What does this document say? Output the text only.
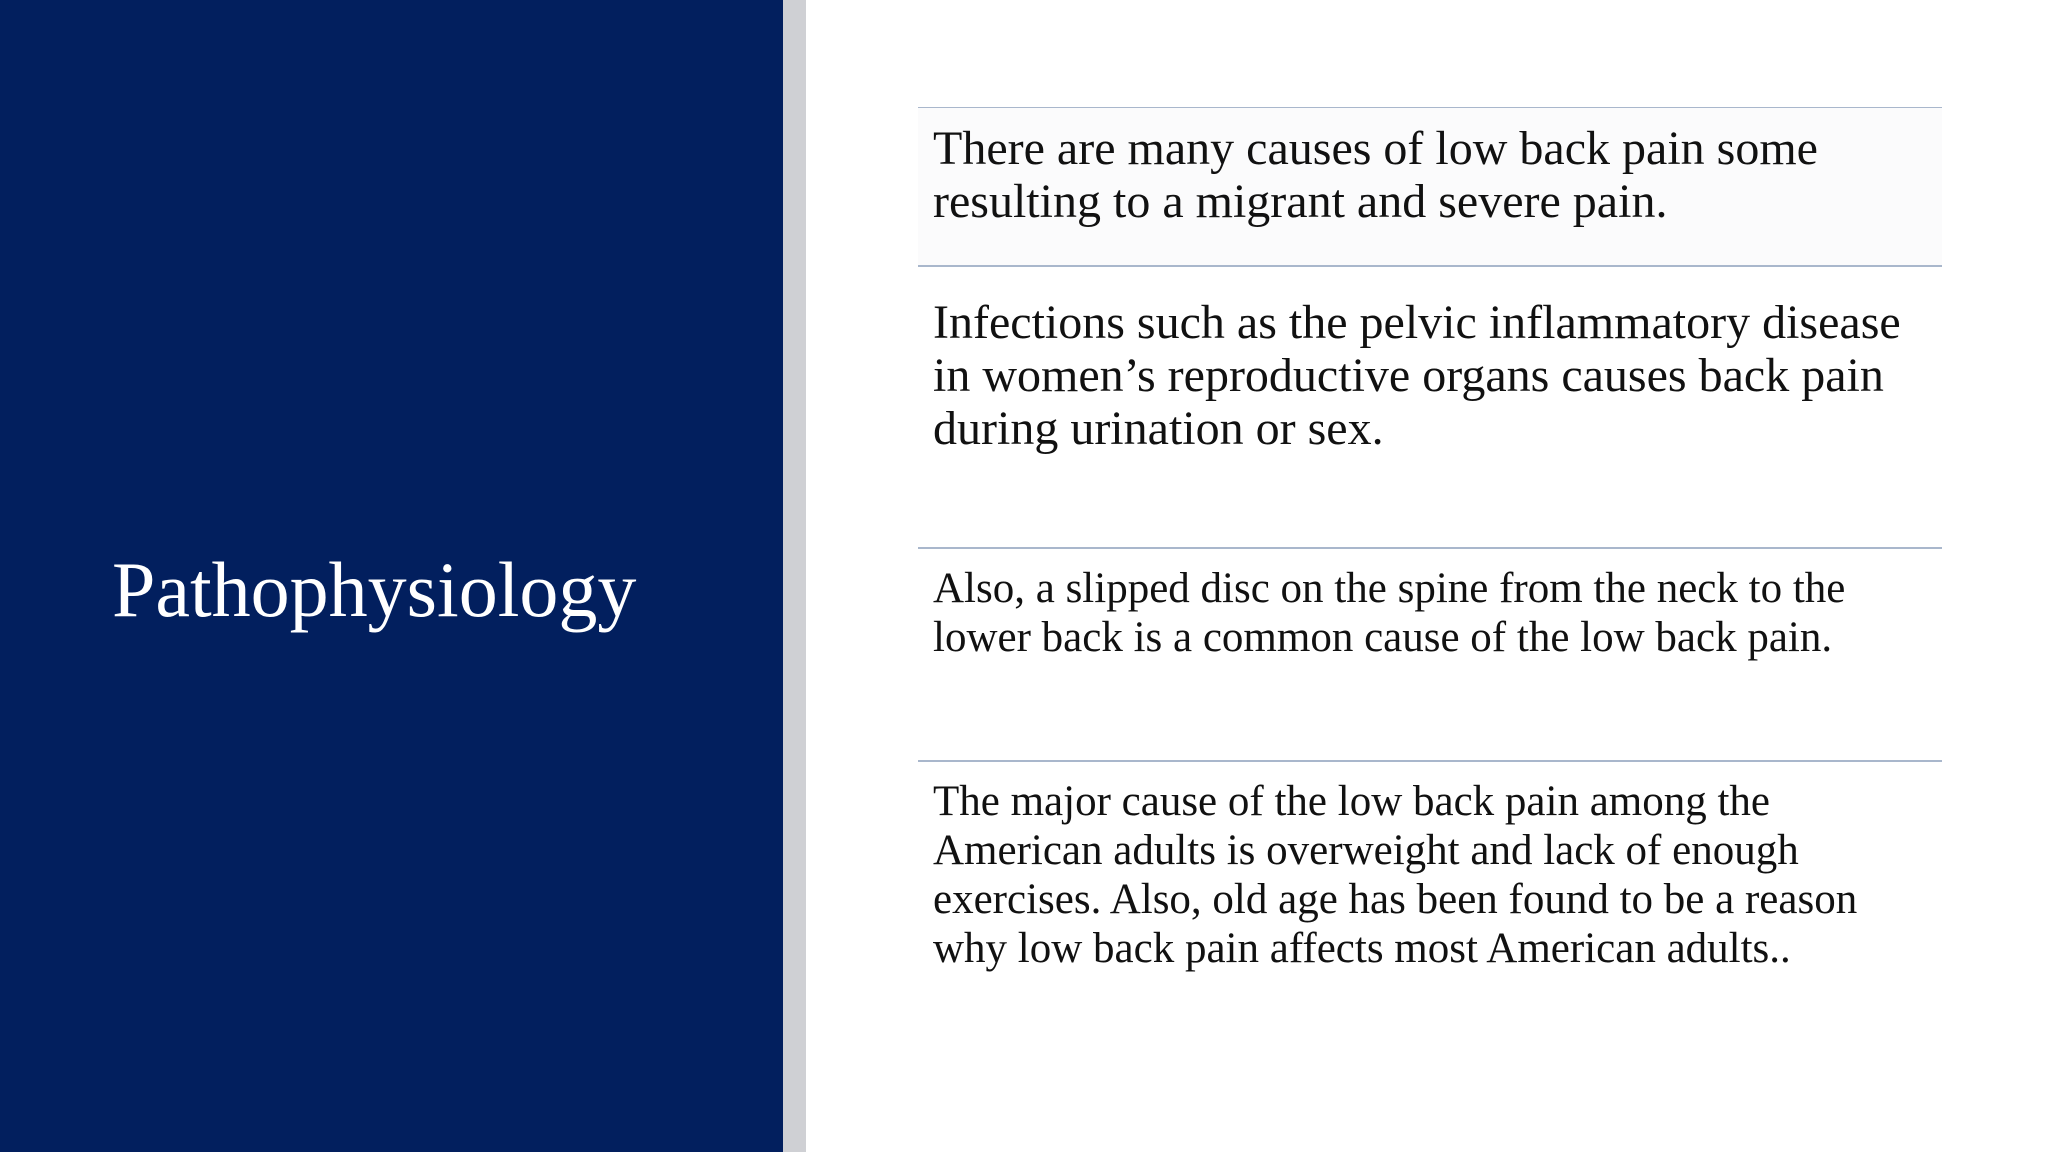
Pathophysiology

There are many causes of low back pain some resulting to a migrant and severe pain.

Infections such as the pelvic inflammatory disease in women’s reproductive organs causes back pain during urination or sex.

Also, a slipped disc on the spine from the neck to the lower back is a common cause of the low back pain.

The major cause of the low back pain among the American adults is overweight and lack of enough exercises. Also, old age has been found to be a reason why low back pain affects most American adults..
